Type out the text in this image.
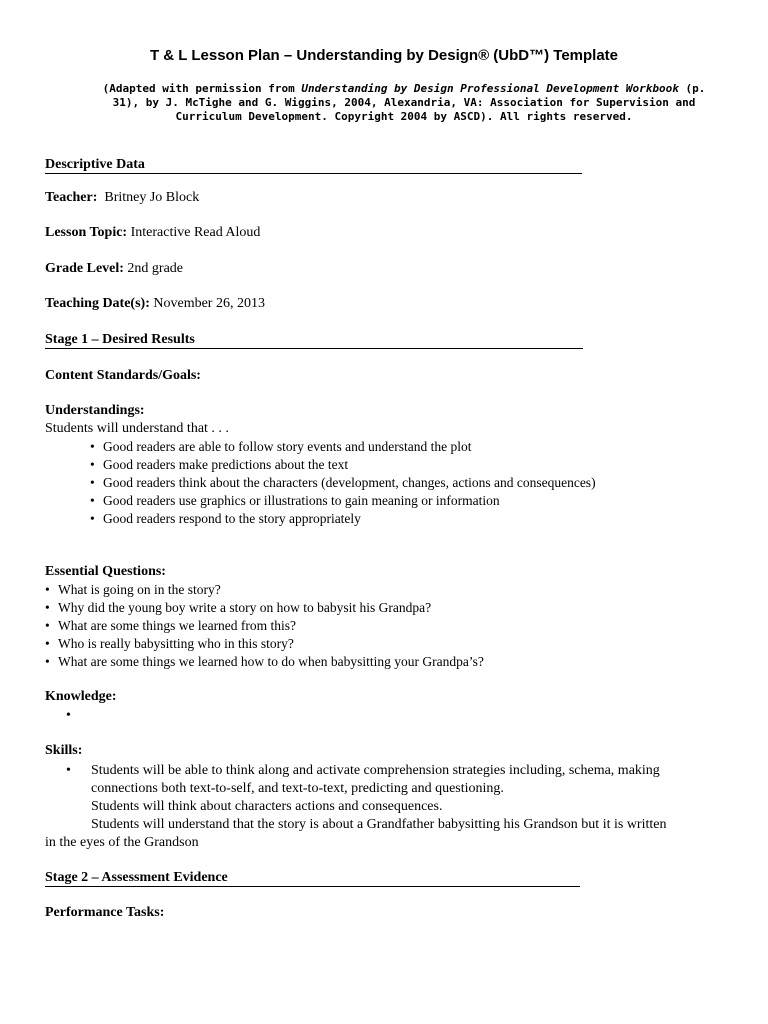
T & L Lesson Plan – Understanding by Design® (UbD™) Template
(Adapted with permission from Understanding by Design Professional Development Workbook (p.
31), by J. McTighe and G. Wiggins, 2004, Alexandria, VA: Association for Supervision and
Curriculum Development. Copyright 2004 by ASCD). All rights reserved.
Descriptive Data
Teacher: Britney Jo Block
Lesson Topic: Interactive Read Aloud
Grade Level: 2nd grade
Teaching Date(s): November 26, 2013
Stage 1 – Desired Results
Content Standards/Goals:
Understandings:
Students will understand that . . .
• Good readers are able to follow story events and understand the plot
• Good readers make predictions about the text
• Good readers think about the characters (development, changes, actions and consequences)
• Good readers use graphics or illustrations to gain meaning or information
• Good readers respond to the story appropriately
Essential Questions:
• What is going on in the story?
• Why did the young boy write a story on how to babysit his Grandpa?
• What are some things we learned from this?
• Who is really babysitting who in this story?
• What are some things we learned how to do when babysitting your Grandpa’s?
Knowledge:
•
Skills:
• Students will be able to think along and activate comprehension strategies including, schema, making
connections both text-to-self, and text-to-text, predicting and questioning.
Students will think about characters actions and consequences.
Students will understand that the story is about a Grandfather babysitting his Grandson but it is written
in the eyes of the Grandson
Stage 2 – Assessment Evidence
Performance Tasks:
